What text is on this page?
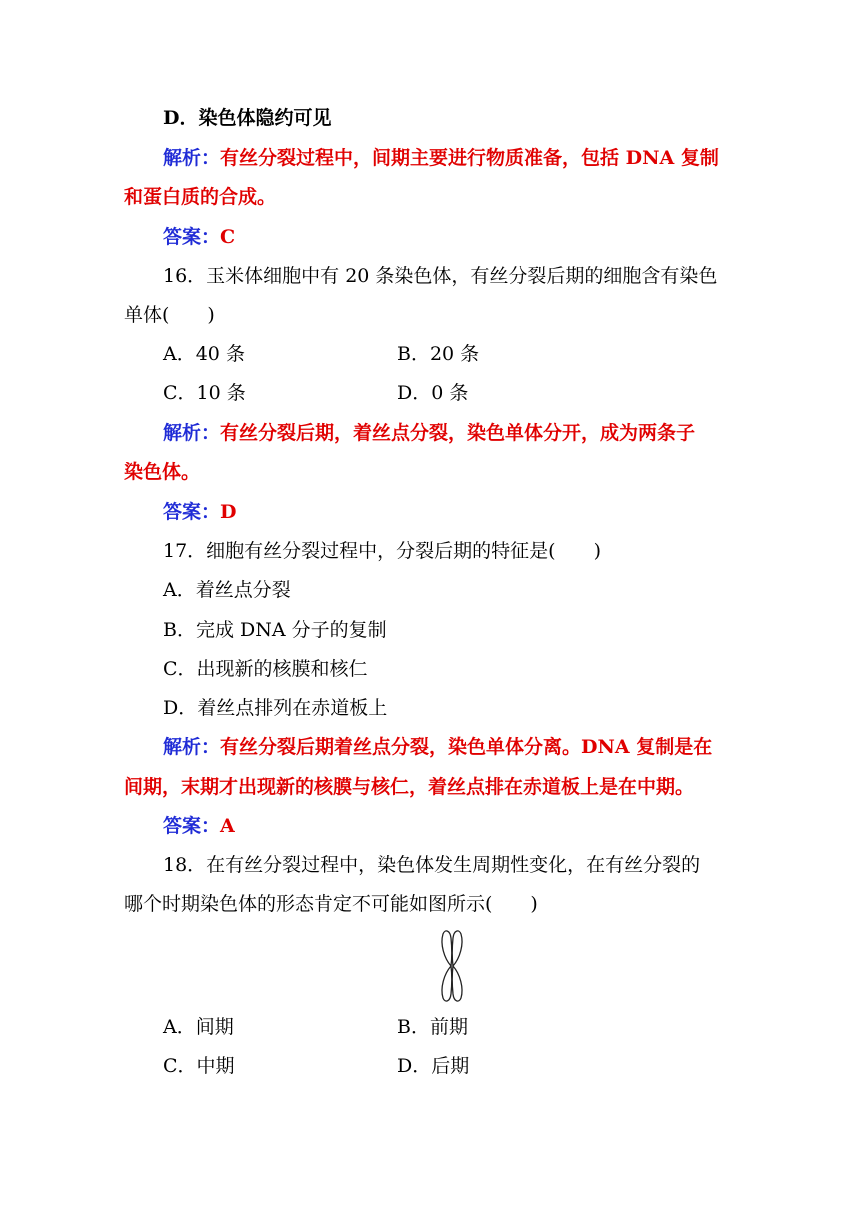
D．染色体隐约可见
解析：有丝分裂过程中，间期主要进行物质准备，包括 DNA 复制
和蛋白质的合成。
答案：C
16．玉米体细胞中有 20 条染色体，有丝分裂后期的细胞含有染色
单体(　　)
A．40 条	B．20 条
C．10 条	D．0 条
解析：有丝分裂后期，着丝点分裂，染色单体分开，成为两条子
染色体。
答案：D
17．细胞有丝分裂过程中，分裂后期的特征是(　　)
A．着丝点分裂
B．完成 DNA 分子的复制
C．出现新的核膜和核仁
D．着丝点排列在赤道板上
解析：有丝分裂后期着丝点分裂，染色单体分离。DNA 复制是在
间期，末期才出现新的核膜与核仁，着丝点排在赤道板上是在中期。
答案：A
18．在有丝分裂过程中，染色体发生周期性变化，在有丝分裂的
哪个时期染色体的形态肯定不可能如图所示(　　)
A．间期	B．前期
C．中期	D．后期
